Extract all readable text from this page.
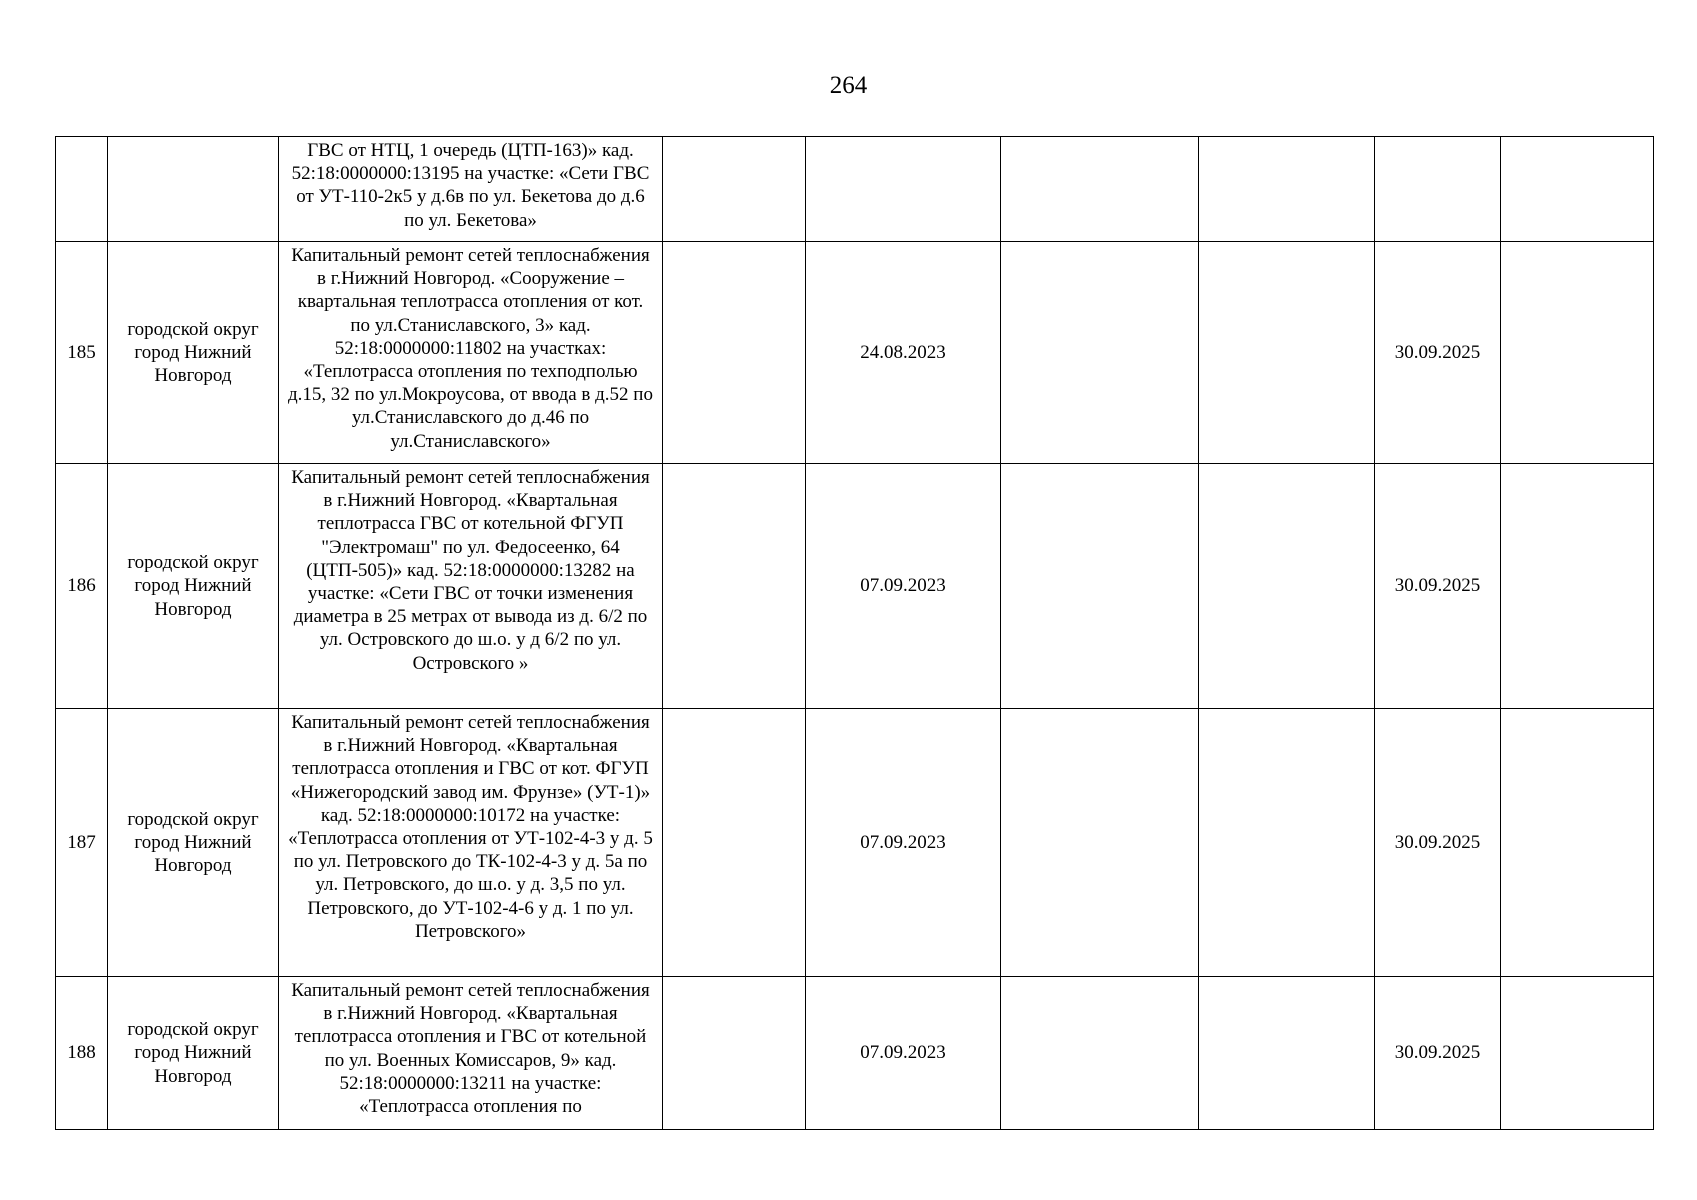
264
		ГВС от НТЦ, 1 очередь (ЦТП-163)» кад. 52:18:0000000:13195 на участке: «Сети ГВС от УТ-110-2к5 у д.6в по ул. Бекетова до д.6 по ул. Бекетова»						
185	городской округ город Нижний Новгород	Капитальный ремонт сетей теплоснабжения в г.Нижний Новгород. «Сооружение – квартальная теплотрасса отопления от кот. по ул.Станиславского, 3» кад. 52:18:0000000:11802 на участках: «Теплотрасса отопления по техподполью д.15, 32 по ул.Мокроусова, от ввода в д.52 по ул.Станиславского до д.46 по ул.Станиславского»		24.08.2023			30.09.2025	
186	городской округ город Нижний Новгород	Капитальный ремонт сетей теплоснабжения в г.Нижний Новгород. «Квартальная теплотрасса ГВС от котельной ФГУП "Электромаш" по ул. Федосеенко, 64 (ЦТП-505)» кад. 52:18:0000000:13282 на участке: «Сети ГВС от точки изменения диаметра в 25 метрах от вывода из д. 6/2 по ул. Островского до ш.о. у д 6/2 по ул. Островского »		07.09.2023			30.09.2025	
187	городской округ город Нижний Новгород	Капитальный ремонт сетей теплоснабжения в г.Нижний Новгород. «Квартальная теплотрасса отопления и ГВС от кот. ФГУП «Нижегородский завод им. Фрунзе» (УТ-1)» кад. 52:18:0000000:10172 на участке: «Теплотрасса отопления от УТ-102-4-3 у д. 5 по ул. Петровского до ТК-102-4-3 у д. 5а по ул. Петровского, до ш.о. у д. 3,5 по ул. Петровского, до УТ-102-4-6 у д. 1 по ул. Петровского»		07.09.2023			30.09.2025	
188	городской округ город Нижний Новгород	Капитальный ремонт сетей теплоснабжения в г.Нижний Новгород. «Квартальная теплотрасса отопления и ГВС от котельной по ул. Военных Комиссаров, 9» кад. 52:18:0000000:13211 на участке: «Теплотрасса отопления по		07.09.2023			30.09.2025	
